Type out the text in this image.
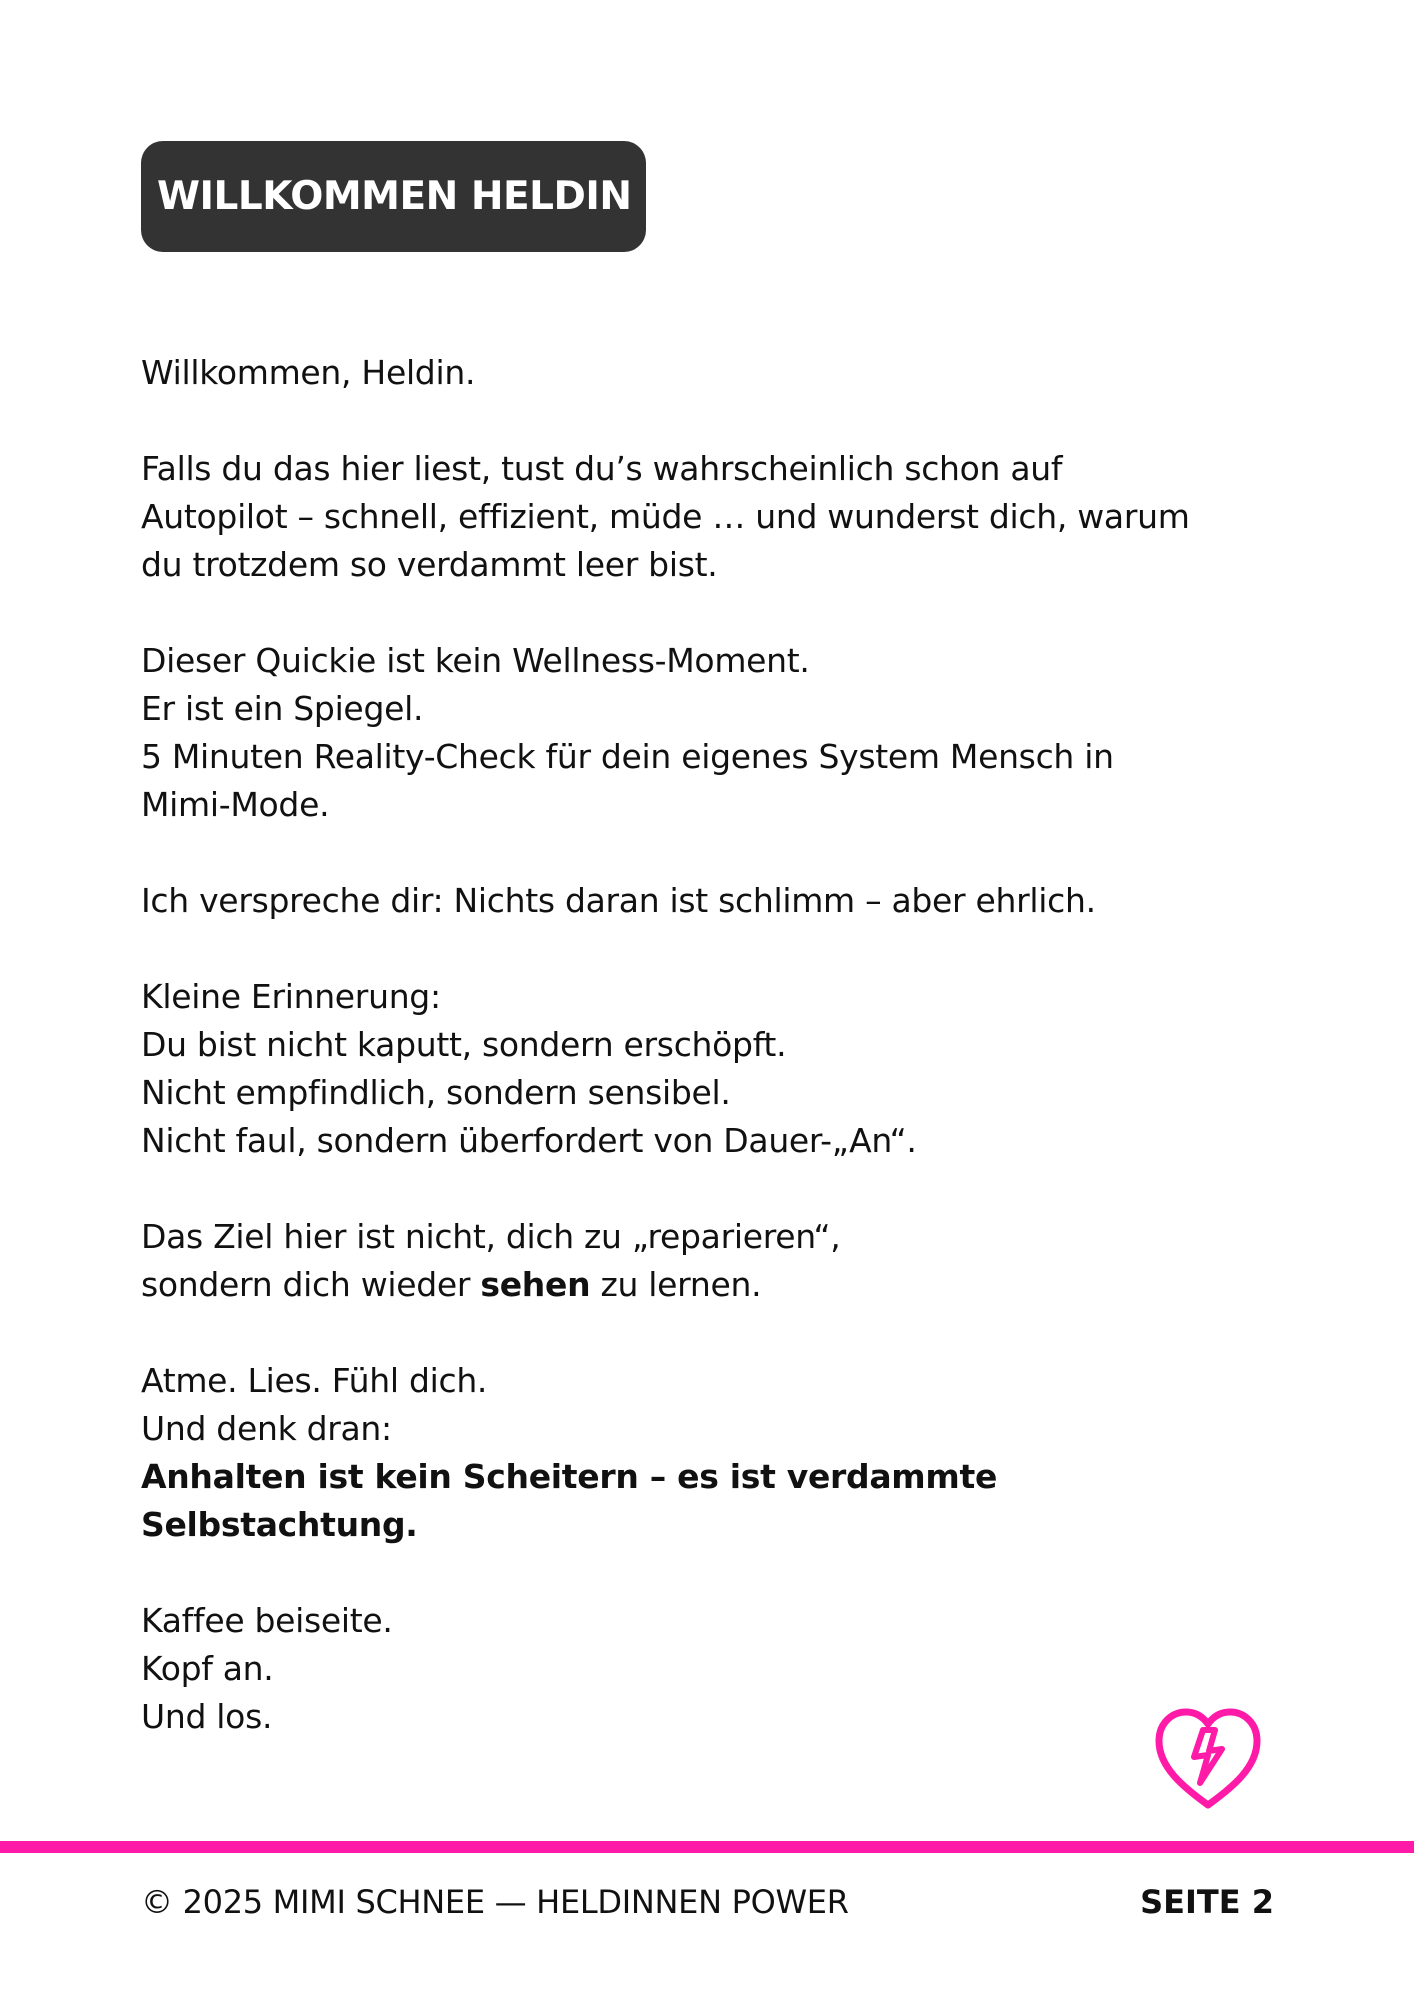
WILLKOMMEN HELDIN

Willkommen, Heldin.

Falls du das hier liest, tust du’s wahrscheinlich schon auf
Autopilot – schnell, effizient, müde … und wunderst dich, warum
du trotzdem so verdammt leer bist.

Dieser Quickie ist kein Wellness-Moment.
Er ist ein Spiegel.
5 Minuten Reality-Check für dein eigenes System Mensch in
Mimi-Mode.

Ich verspreche dir: Nichts daran ist schlimm – aber ehrlich.

Kleine Erinnerung:
Du bist nicht kaputt, sondern erschöpft.
Nicht empfindlich, sondern sensibel.
Nicht faul, sondern überfordert von Dauer-„An“.

Das Ziel hier ist nicht, dich zu „reparieren“,
sondern dich wieder sehen zu lernen.

Atme. Lies. Fühl dich.
Und denk dran:
Anhalten ist kein Scheitern – es ist verdammte
Selbstachtung.

Kaffee beiseite.
Kopf an.
Und los.

© 2025 MIMI SCHNEE — HELDINNEN POWER	SEITE 2
